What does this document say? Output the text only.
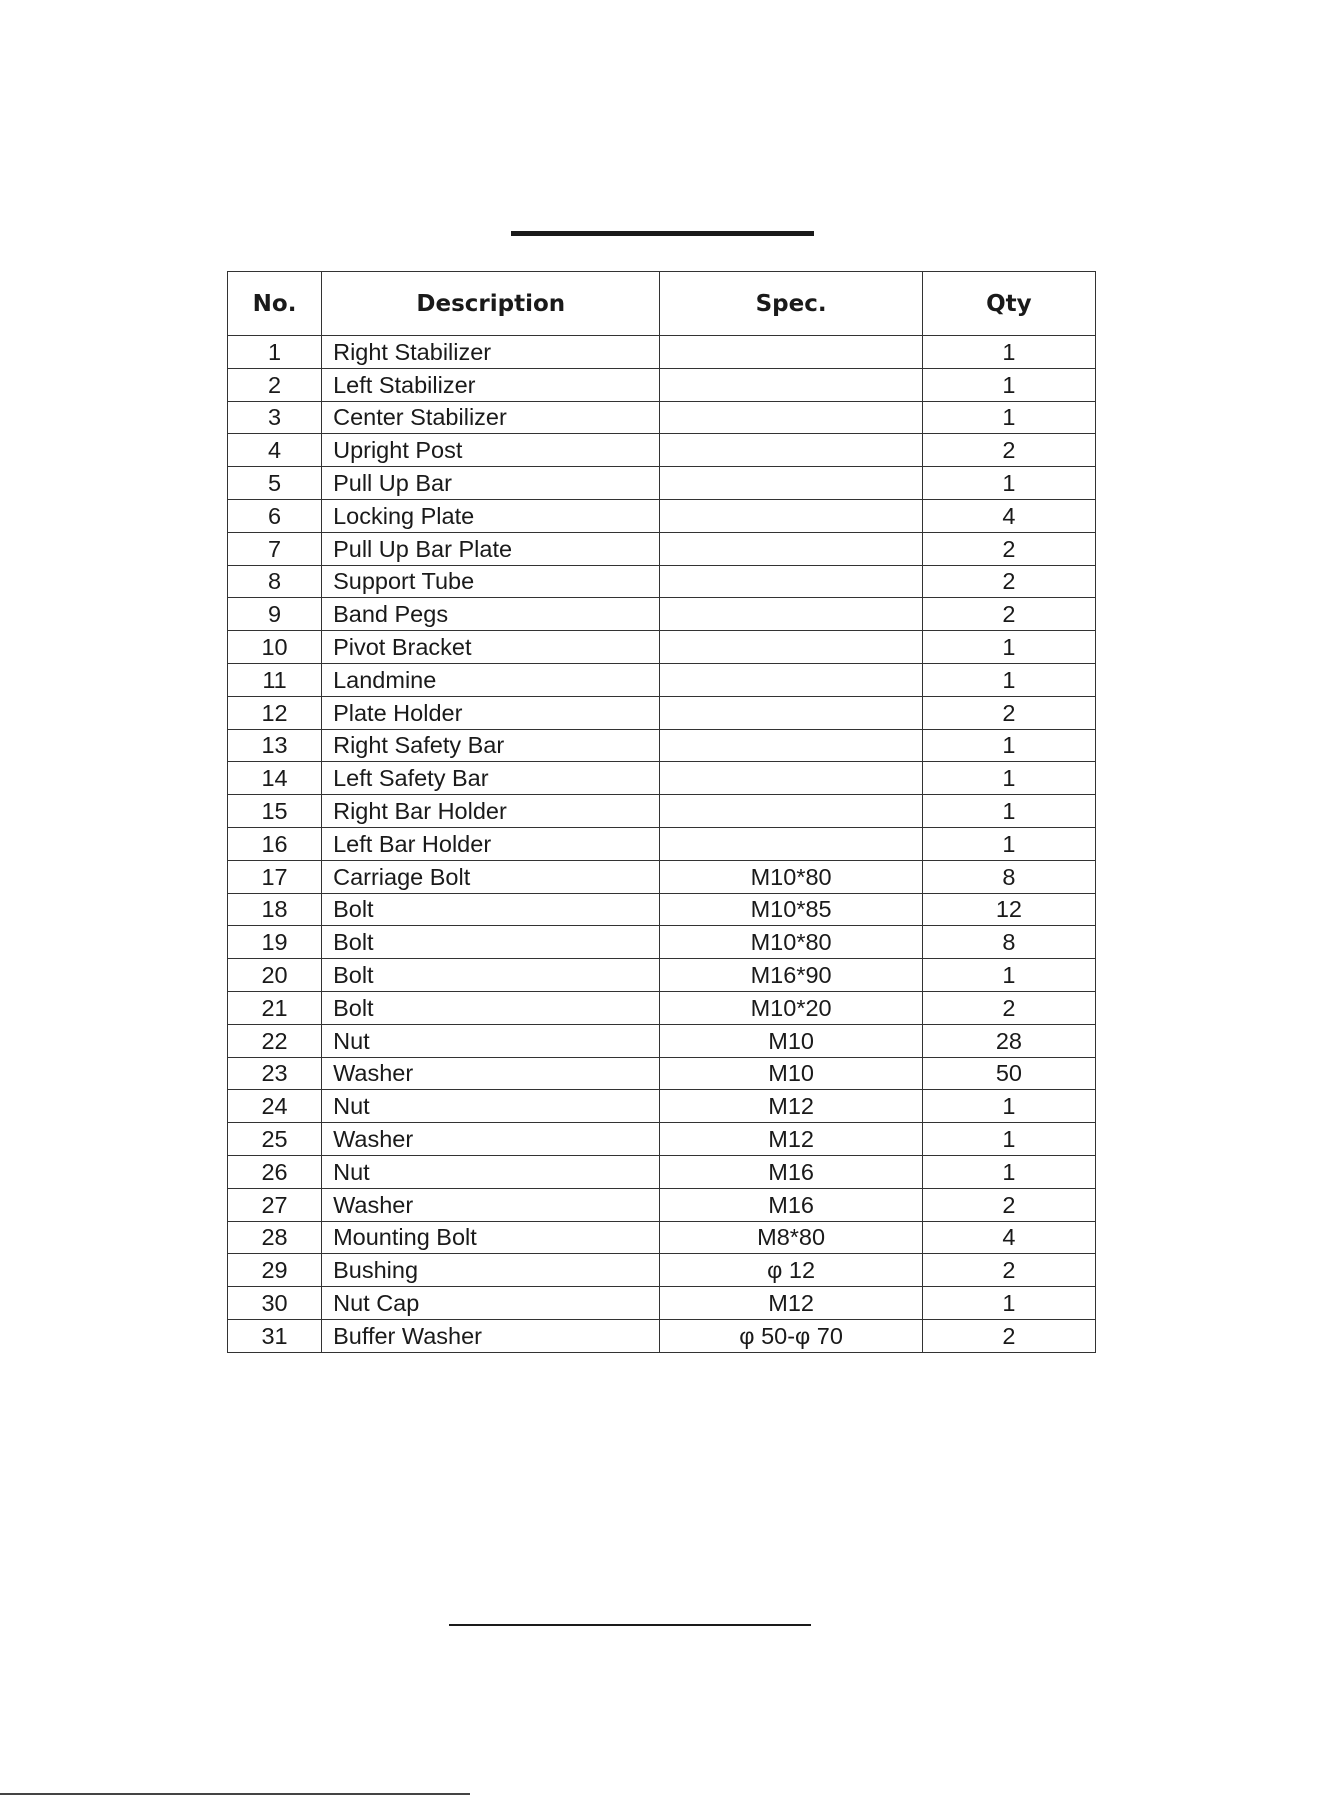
No.	Description	Spec.	Qty
1	Right Stabilizer		1
2	Left Stabilizer		1
3	Center Stabilizer		1
4	Upright Post		2
5	Pull Up Bar		1
6	Locking Plate		4
7	Pull Up Bar Plate		2
8	Support Tube		2
9	Band Pegs		2
10	Pivot Bracket		1
11	Landmine		1
12	Plate Holder		2
13	Right Safety Bar		1
14	Left Safety Bar		1
15	Right Bar Holder		1
16	Left Bar Holder		1
17	Carriage Bolt	M10*80	8
18	Bolt	M10*85	12
19	Bolt	M10*80	8
20	Bolt	M16*90	1
21	Bolt	M10*20	2
22	Nut	M10	28
23	Washer	M10	50
24	Nut	M12	1
25	Washer	M12	1
26	Nut	M16	1
27	Washer	M16	2
28	Mounting Bolt	M8*80	4
29	Bushing	φ 12	2
30	Nut Cap	M12	1
31	Buffer Washer	φ 50-φ 70	2
